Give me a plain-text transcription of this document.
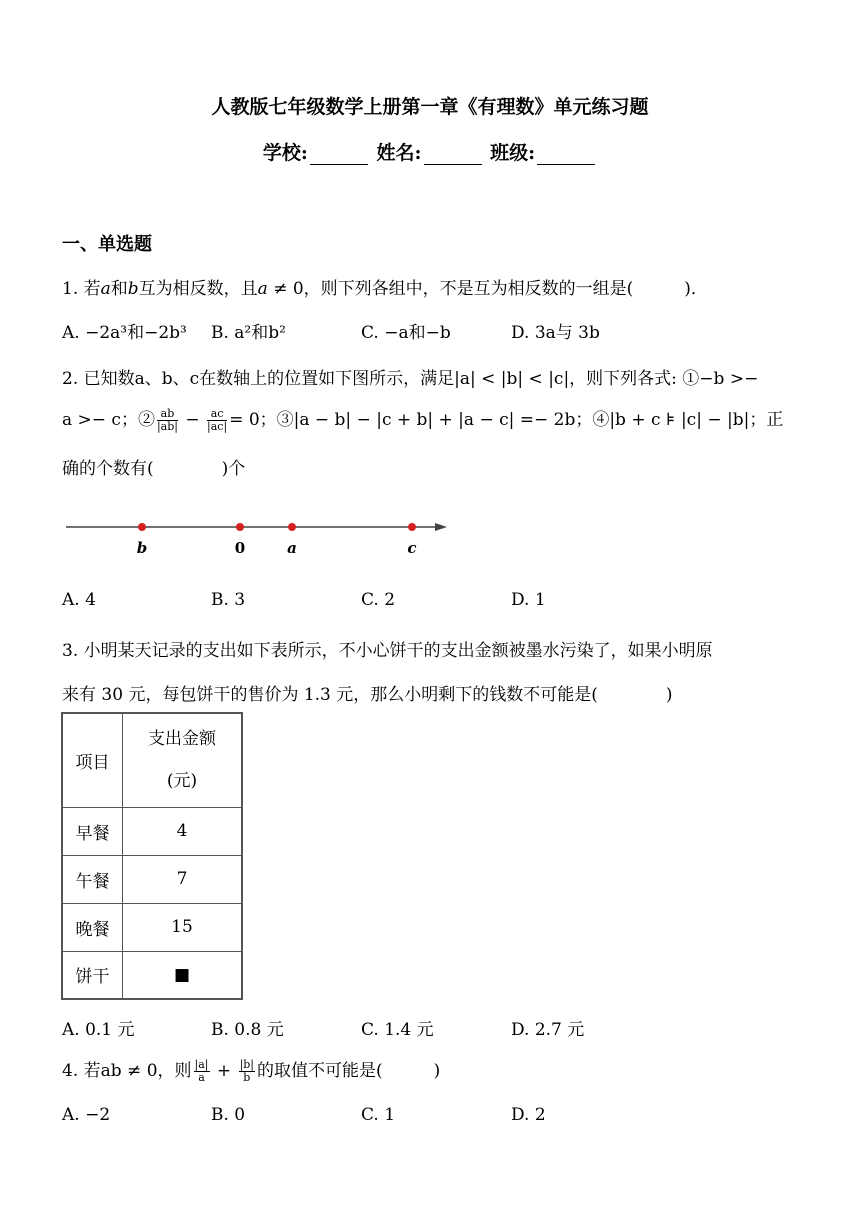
人教版七年级数学上册第一章《有理数》单元练习题
学校:	姓名:	班级:
一、单选题
1. 若a和b互为相反数，且a ≠ 0，则下列各组中，不是互为相反数的一组是(　　　)．
A. −2a³和−2b³ B. a²和b²	C. −a和−b	D. 3a与 3b
2. 已知数a、b、c在数轴上的位置如下图所示，满足|a| < |b| < |c|，则下列各式: ①−b >−
a >− c；② $\frac{ab}{|ab|} - \frac{ac}{|ac|} = 0$；③|a − b| − |c + b| + |a − c| =− 2b；④|b + c ⊧ |c| − |b|；正
确的个数有(　　　　)个
b	0	a	c
A. 4	B. 3	C. 2	D. 1
3. 小明某天记录的支出如下表所示，不小心饼干的支出金额被墨水污染了，如果小明原
来有 30 元，每包饼干的售价为 1.3 元，那么小明剩下的钱数不可能是(　　　　)
项目	支出金额
(元)

早餐	4
午餐	7
晚餐	15
饼干	■
A. 0.1 元	B. 0.8 元	C. 1.4 元	D. 2.7 元
4. 若ab ≠ 0，则 $\frac{|a|}{a} + \frac{|b|}{b}$ 的取值不可能是(　　　)
A. −2	B. 0	C. 1	D. 2
